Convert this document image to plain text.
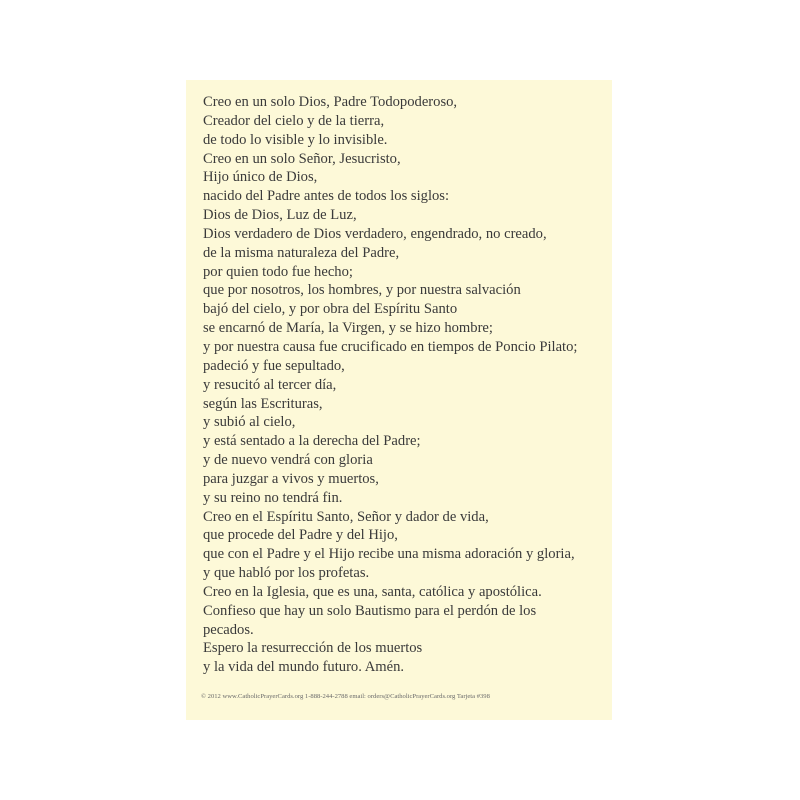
Creo en un solo Dios, Padre Todopoderoso,
Creador del cielo y de la tierra,
de todo lo visible y lo invisible.
Creo en un solo Señor, Jesucristo,
Hijo único de Dios,
nacido del Padre antes de todos los siglos:
Dios de Dios, Luz de Luz,
Dios verdadero de Dios verdadero, engendrado, no creado,
de la misma naturaleza del Padre,
por quien todo fue hecho;
que por nosotros, los hombres, y por nuestra salvación
bajó del cielo, y por obra del Espíritu Santo
se encarnó de María, la Virgen, y se hizo hombre;
y por nuestra causa fue crucificado en tiempos de Poncio Pilato;
padeció y fue sepultado,
y resucitó al tercer día,
según las Escrituras,
y subió al cielo,
y está sentado a la derecha del Padre;
y de nuevo vendrá con gloria
para juzgar a vivos y muertos,
y su reino no tendrá fin.
Creo en el Espíritu Santo, Señor y dador de vida,
que procede del Padre y del Hijo,
que con el Padre y el Hijo recibe una misma adoración y gloria,
y que habló por los profetas.
Creo en la Iglesia, que es una, santa, católica y apostólica.
Confieso que hay un solo Bautismo para el perdón de los
pecados.
Espero la resurrección de los muertos
y la vida del mundo futuro. Amén.
© 2012 www.CatholicPrayerCards.org 1-888-244-2788 email: orders@CatholicPrayerCards.org Tarjeta #398
